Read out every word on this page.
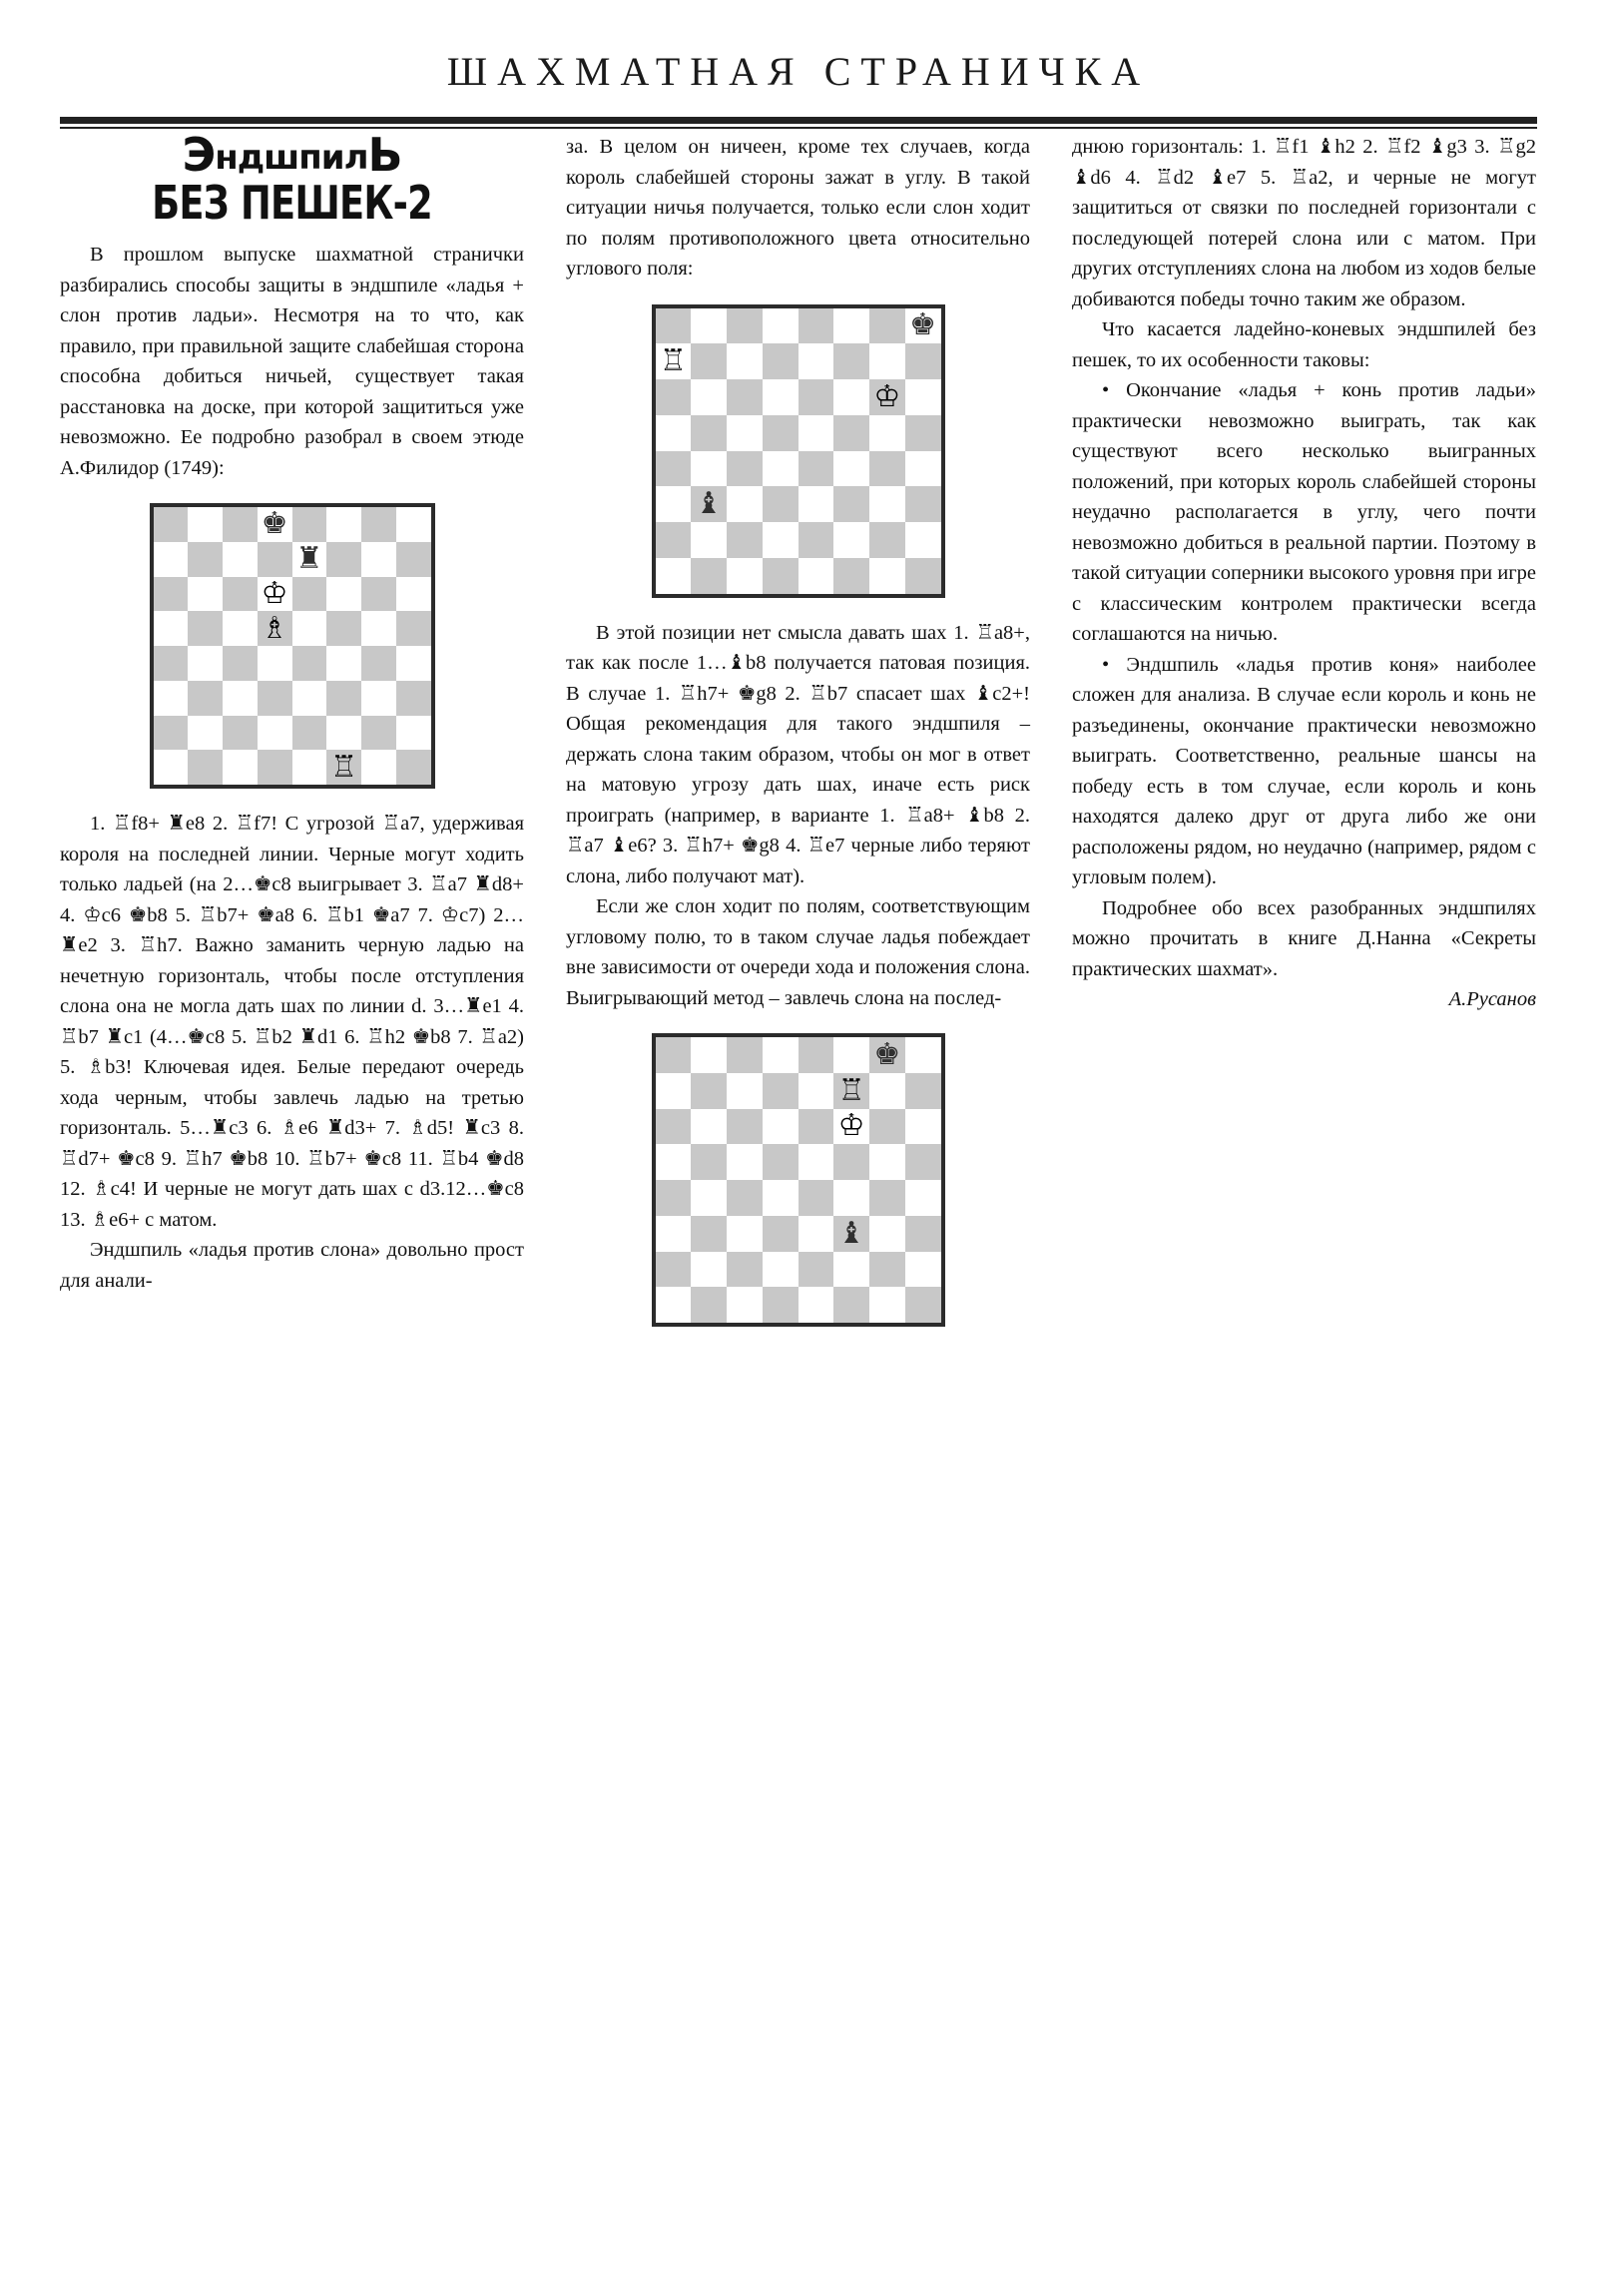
ШАХМАТНАЯ СТРАНИЧКА
ЭндшпилЬ
БЕЗ ПЕШЕК-2

В прошлом выпуске шахматной странички разбирались способы защиты в эндшпиле «ладья + слон против ладьи». Несмотря на то что, как правило, при правильной защите слабейшая сторона способна добиться ничьей, существует такая расстановка на доске, при которой защититься уже невозможно. Ее подробно разобрал в своем этюде А.Филидор (1749):

♚
♜
♔
♗
♖

1. ♖f8+ ♜e8 2. ♖f7! С угрозой ♖a7, удерживая короля на последней линии. Черные могут ходить только ладьей (на 2…♚c8 выигрывает 3. ♖a7 ♜d8+ 4. ♔c6 ♚b8 5. ♖b7+ ♚a8 6. ♖b1 ♚a7 7. ♔c7) 2…♜e2 3. ♖h7. Важно заманить черную ладью на нечетную горизонталь, чтобы после отступления слона она не могла дать шах по линии d. 3…♜e1 4. ♖b7 ♜c1 (4…♚c8 5. ♖b2 ♜d1 6. ♖h2 ♚b8 7. ♖a2) 5. ♗b3! Ключевая идея. Белые передают очередь хода черным, чтобы завлечь ладью на третью горизонталь. 5…♜c3 6. ♗e6 ♜d3+ 7. ♗d5! ♜c3 8. ♖d7+ ♚c8 9. ♖h7 ♚b8 10. ♖b7+ ♚c8 11. ♖b4 ♚d8 12. ♗c4! И черные не могут дать шах с d3.12…♚c8 13. ♗e6+ с матом.

Эндшпиль «ладья против слона» довольно прост для анали-

за. В целом он ничеен, кроме тех случаев, когда король слабейшей стороны зажат в углу. В такой ситуации ничья получается, только если слон ходит по полям противоположного цвета относительно углового поля:

♚
♖
♔
♝

В этой позиции нет смысла давать шах 1. ♖a8+, так как после 1…♝b8 получается патовая позиция. В случае 1. ♖h7+ ♚g8 2. ♖b7 спасает шах ♝c2+! Общая рекомендация для такого эндшпиля – держать слона таким образом, чтобы он мог в ответ на матовую угрозу дать шах, иначе есть риск проиграть (например, в варианте 1. ♖a8+ ♝b8 2. ♖a7 ♝e6? 3. ♖h7+ ♚g8 4. ♖e7 черные либо теряют слона, либо получают мат).

Если же слон ходит по полям, соответствующим угловому полю, то в таком случае ладья побеждает вне зависимости от очереди хода и положения слона. Выигрывающий метод – завлечь слона на послед-

♚
♖
♔
♝

днюю горизонталь: 1. ♖f1 ♝h2 2. ♖f2 ♝g3 3. ♖g2 ♝d6 4. ♖d2 ♝e7 5. ♖a2, и черные не могут защититься от связки по последней горизонтали с последующей потерей слона или с матом. При других отступлениях слона на любом из ходов белые добиваются победы точно таким же образом.

Что касается ладейно-коневых эндшпилей без пешек, то их особенности таковы:

• Окончание «ладья + конь против ладьи» практически невозможно выиграть, так как существуют всего несколько выигранных положений, при которых король слабейшей стороны неудачно располагается в углу, чего почти невозможно добиться в реальной партии. Поэтому в такой ситуации соперники высокого уровня при игре с классическим контролем практически всегда соглашаются на ничью.

• Эндшпиль «ладья против коня» наиболее сложен для анализа. В случае если король и конь не разъединены, окончание практически невозможно выиграть. Соответственно, реальные шансы на победу есть в том случае, если король и конь находятся далеко друг от друга либо же они расположены рядом, но неудачно (например, рядом с угловым полем).

Подробнее обо всех разобранных эндшпилях можно прочитать в книге Д.Нанна «Секреты практических шахмат».

А.Русанов
